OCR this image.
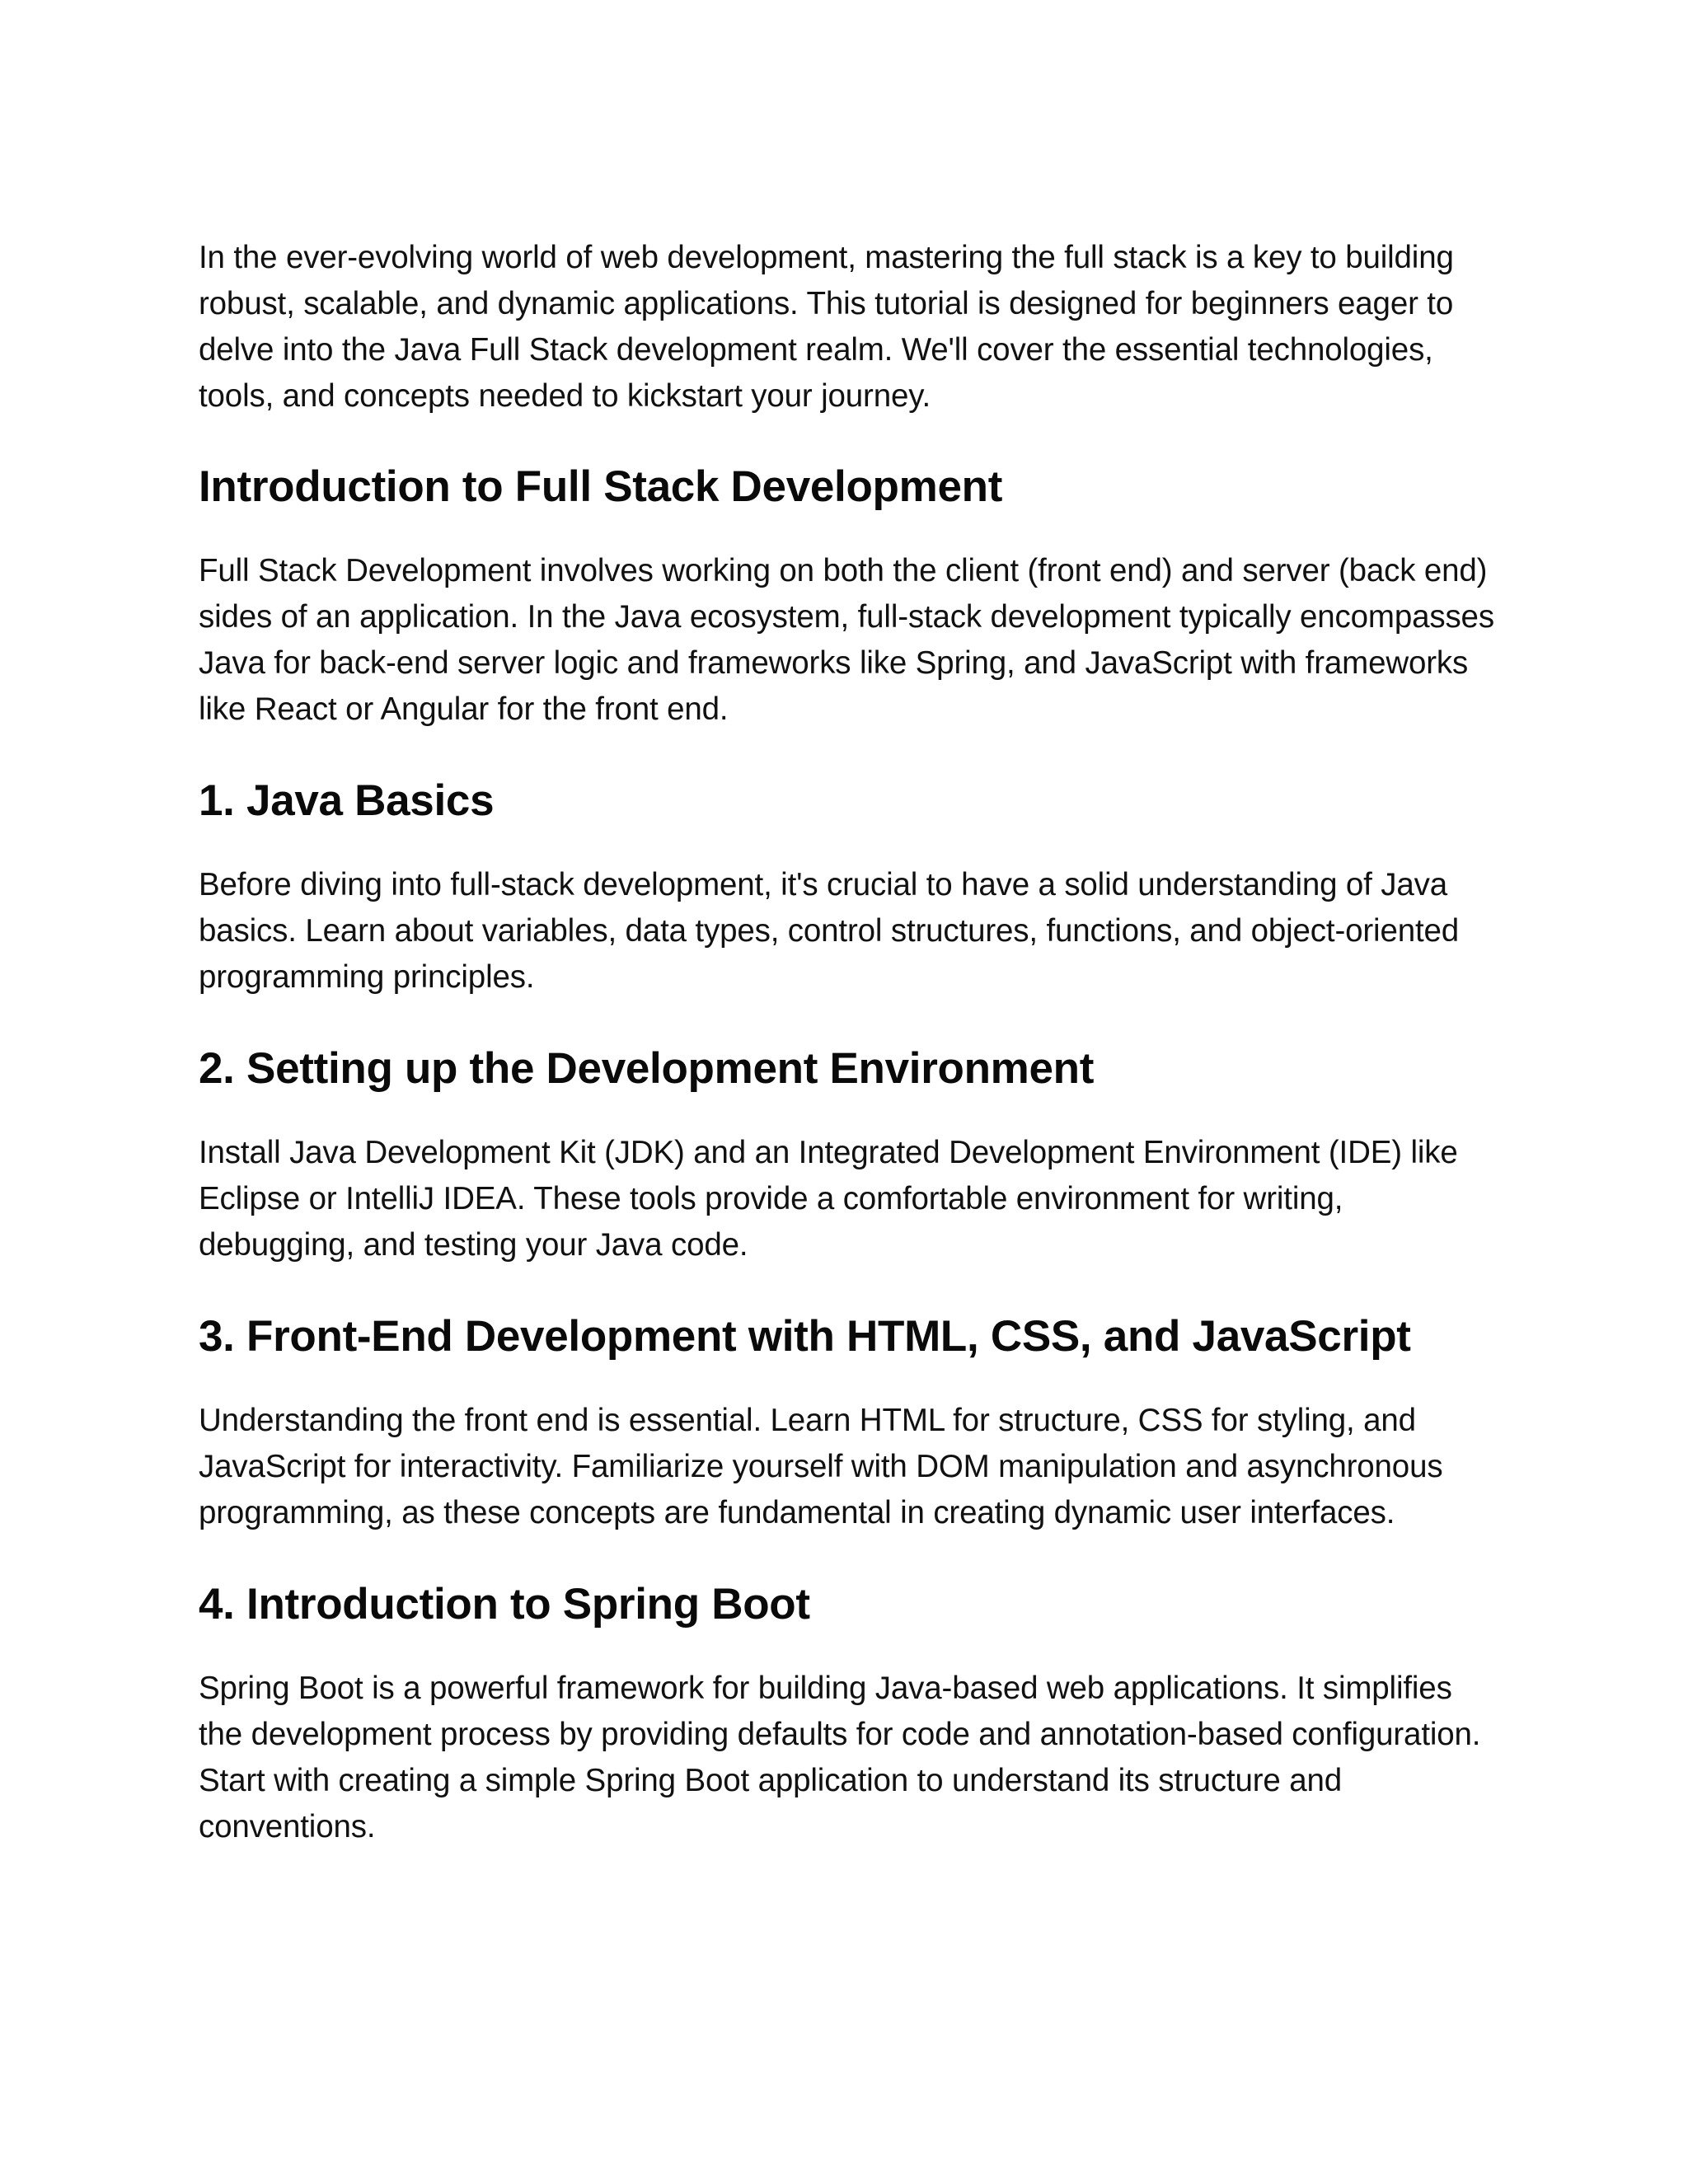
In the ever-evolving world of web development, mastering the full stack is a key to building robust, scalable, and dynamic applications. This tutorial is designed for beginners eager to delve into the Java Full Stack development realm. We'll cover the essential technologies, tools, and concepts needed to kickstart your journey.

Introduction to Full Stack Development

Full Stack Development involves working on both the client (front end) and server (back end) sides of an application. In the Java ecosystem, full-stack development typically encompasses Java for back-end server logic and frameworks like Spring, and JavaScript with frameworks like React or Angular for the front end.

1. Java Basics

Before diving into full-stack development, it's crucial to have a solid understanding of Java basics. Learn about variables, data types, control structures, functions, and object-oriented programming principles.

2. Setting up the Development Environment

Install Java Development Kit (JDK) and an Integrated Development Environment (IDE) like Eclipse or IntelliJ IDEA. These tools provide a comfortable environment for writing, debugging, and testing your Java code.

3. Front-End Development with HTML, CSS, and JavaScript

Understanding the front end is essential. Learn HTML for structure, CSS for styling, and JavaScript for interactivity. Familiarize yourself with DOM manipulation and asynchronous programming, as these concepts are fundamental in creating dynamic user interfaces.

4. Introduction to Spring Boot

Spring Boot is a powerful framework for building Java-based web applications. It simplifies the development process by providing defaults for code and annotation-based configuration. Start with creating a simple Spring Boot application to understand its structure and conventions.
